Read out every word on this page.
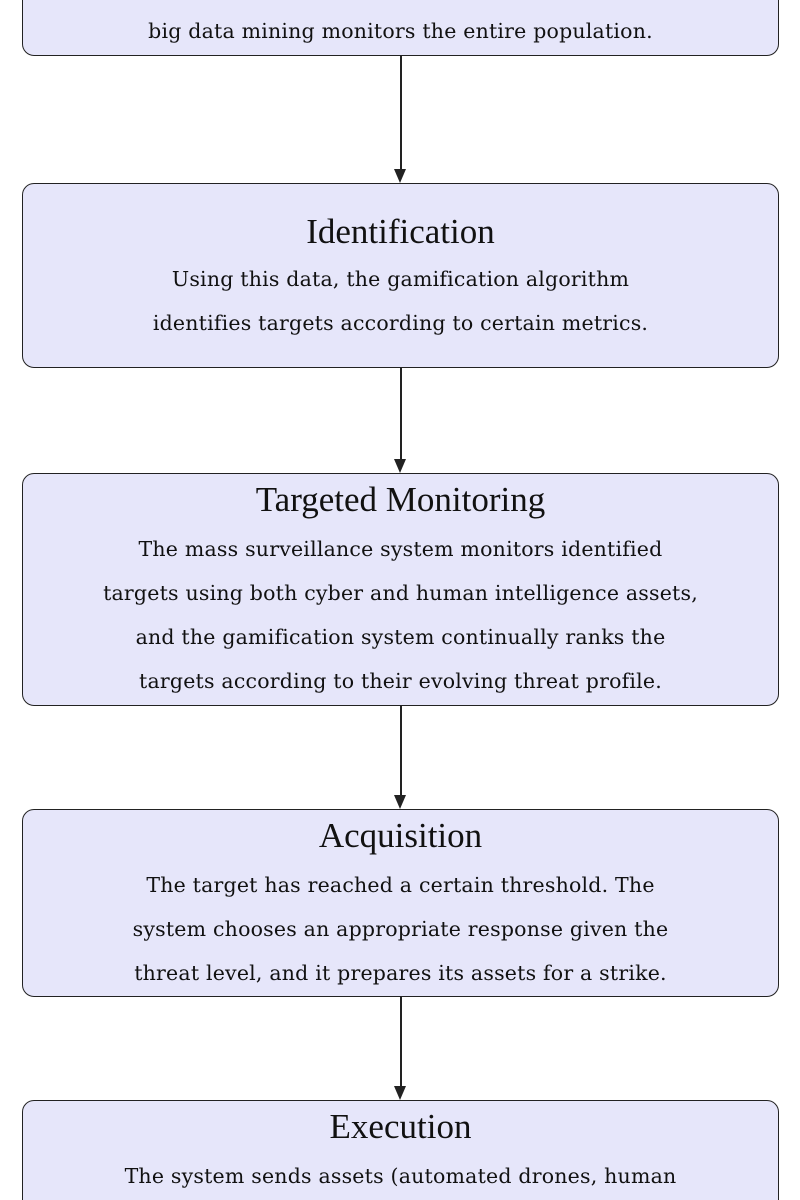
big data mining monitors the entire population.
Identification
Using this data, the gamification algorithm
identifies targets according to certain metrics.
Targeted Monitoring
The mass surveillance system monitors identified
targets using both cyber and human intelligence assets,
and the gamification system continually ranks the
targets according to their evolving threat profile.
Acquisition
The target has reached a certain threshold. The
system chooses an appropriate response given the
threat level, and it prepares its assets for a strike.
Execution
The system sends assets (automated drones, human
